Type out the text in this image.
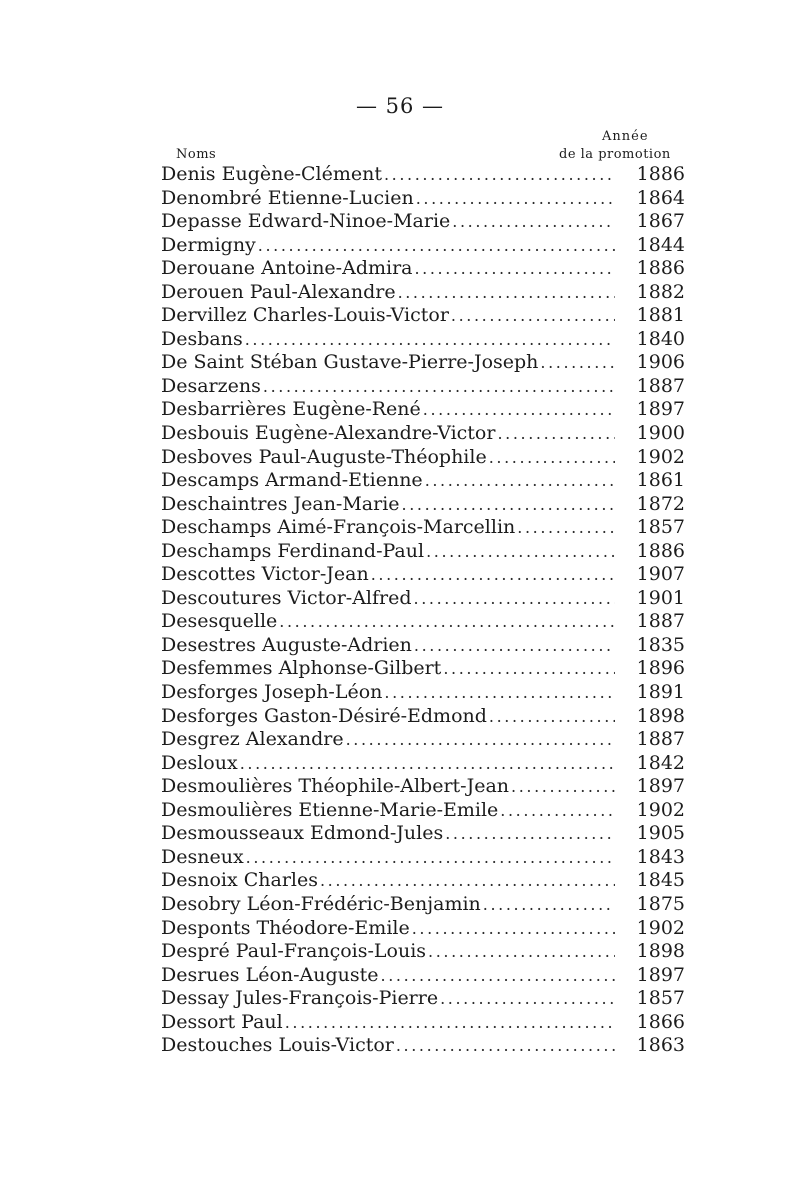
— 56 —
Année
Noms	de la promotion
Denis Eugène-Clément .....	1886
Denombré Etienne-Lucien .....	1864
Depasse Edward-Ninoe-Marie .....	1867
Dermigny .....	1844
Derouane Antoine-Admira .....	1886
Derouen Paul-Alexandre .....	1882
Dervillez Charles-Louis-Victor .....	1881
Desbans .....	1840
De Saint Stéban Gustave-Pierre-Joseph .....	1906
Desarzens .....	1887
Desbarrières Eugène-René .....	1897
Desbouis Eugène-Alexandre-Victor .....	1900
Desboves Paul-Auguste-Théophile .....	1902
Descamps Armand-Etienne .....	1861
Deschaintres Jean-Marie .....	1872
Deschamps Aimé-François-Marcellin .....	1857
Deschamps Ferdinand-Paul .....	1886
Descottes Victor-Jean .....	1907
Descoutures Victor-Alfred .....	1901
Desesquelle .....	1887
Desestres Auguste-Adrien .....	1835
Desfemmes Alphonse-Gilbert .....	1896
Desforges Joseph-Léon .....	1891
Desforges Gaston-Désiré-Edmond .....	1898
Desgrez Alexandre .....	1887
Desloux .....	1842
Desmoulières Théophile-Albert-Jean .....	1897
Desmoulières Etienne-Marie-Emile .....	1902
Desmousseaux Edmond-Jules .....	1905
Desneux .....	1843
Desnoix Charles .....	1845
Desobry Léon-Frédéric-Benjamin .....	1875
Desponts Théodore-Emile .....	1902
Despré Paul-François-Louis .....	1898
Desrues Léon-Auguste .....	1897
Dessay Jules-François-Pierre .....	1857
Dessort Paul .....	1866
Destouches Louis-Victor .....	1863
